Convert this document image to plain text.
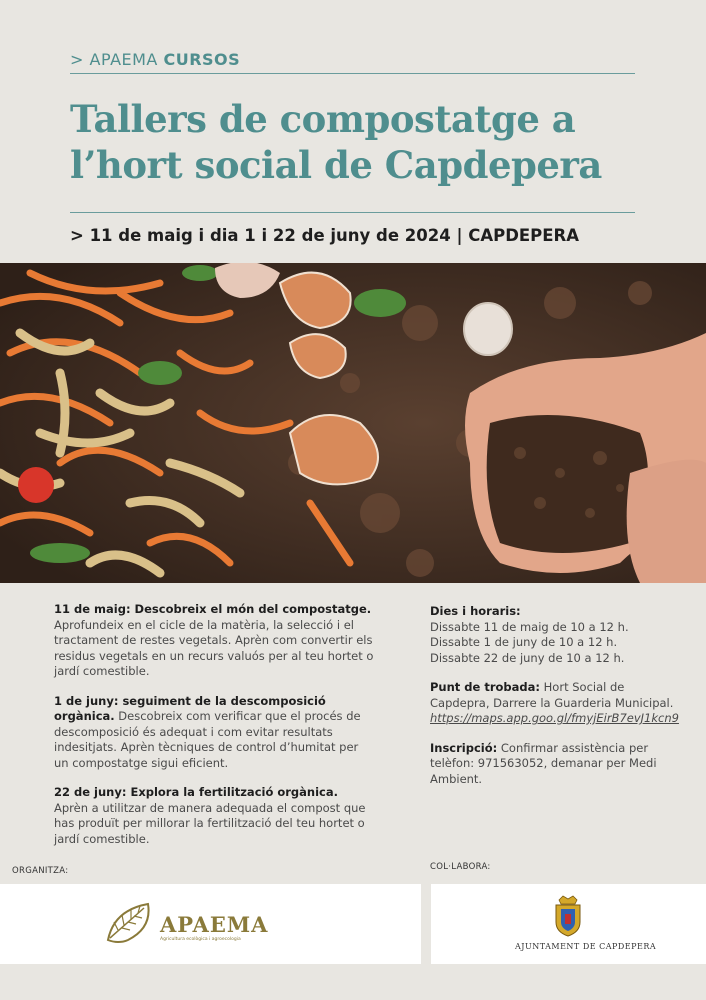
> APAEMA CURSOS
Tallers de compostatge a
l’hort social de Capdepera
> 11 de maig i dia 1 i 22 de juny de 2024 | CAPDEPERA
11 de maig: Descobreix el món del compostatge. Aprofundeix en el cicle de la matèria, la selecció i el tractament de restes vegetals. Aprèn com convertir els residus vegetals en un recurs valuós per al teu hortet o jardí comestible.
1 de juny: seguiment de la descomposició orgànica. Descobreix com verificar que el procés de descomposició és adequat i com evitar resultats indesitjats. Aprèn tècniques de control d’humitat per un compostatge sigui eficient.
22 de juny: Explora la fertilització orgànica. Aprèn a utilitzar de manera adequada el compost que has produït per millorar la fertilització del teu hortet o jardí comestible.
Dies i horaris:
Dissabte 11 de maig de 10 a 12 h.
Dissabte 1 de juny de 10 a 12 h.
Dissabte 22 de juny de 10 a 12 h.
Punt de trobada: Hort Social de Capdepra, Darrere la Guarderia Municipal.
https://maps.app.goo.gl/fmyjEirB7evJ1kcn9
Inscripció: Confirmar assistència per telèfon: 971563052, demanar per Medi Ambient.
ORGANITZA:	COL·LABORA:
APAEMA
Agricultura ecològica i agroecologia
AJUNTAMENT DE CAPDEPERA
